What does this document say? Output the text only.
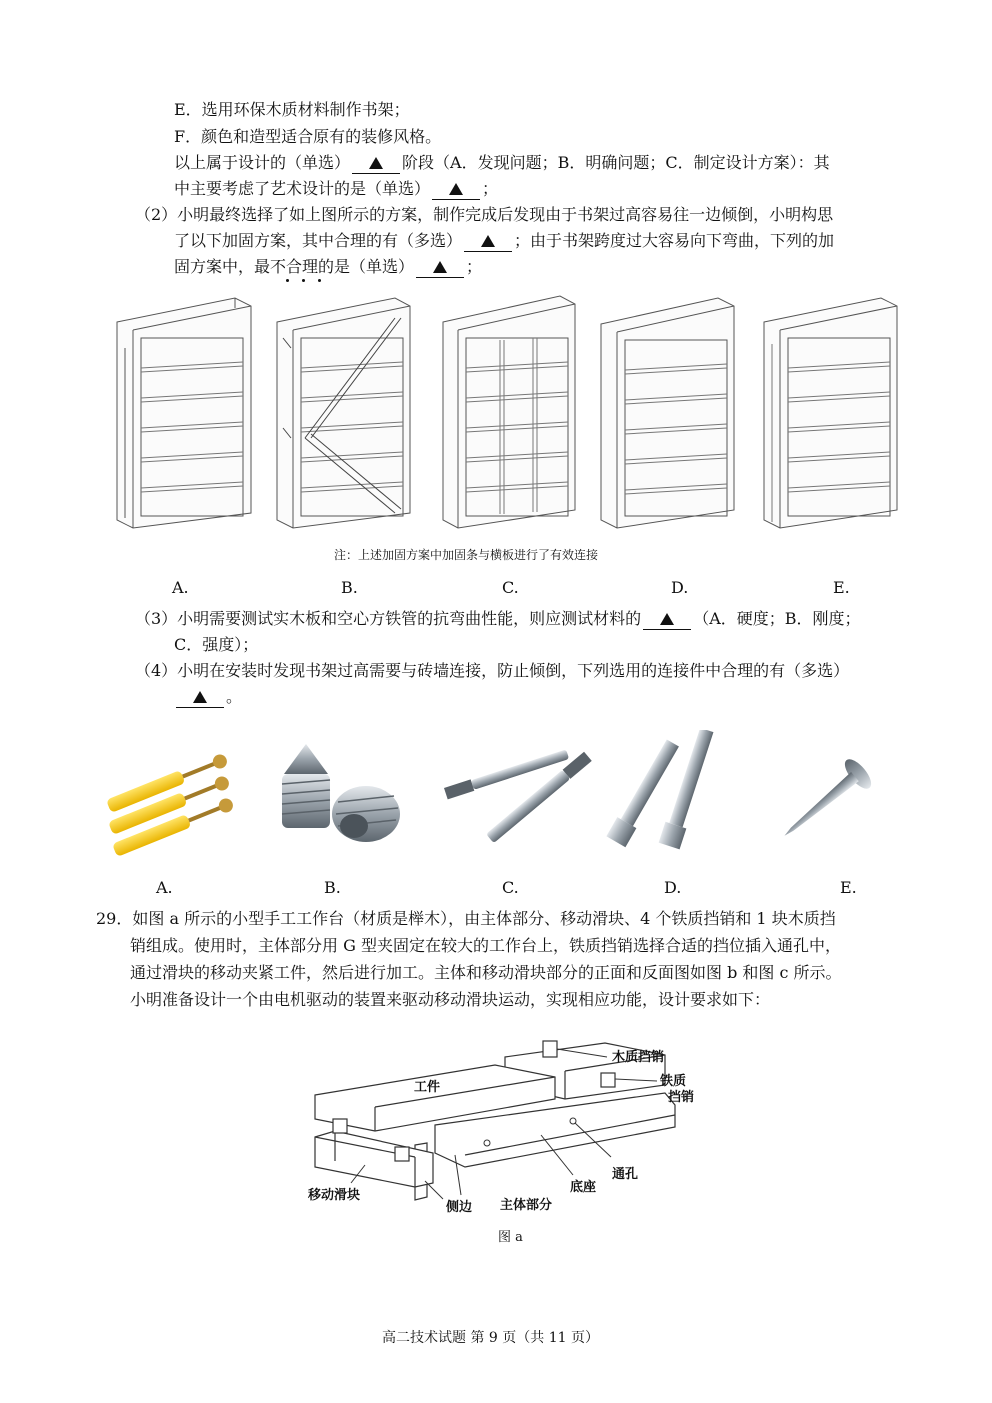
E．选用环保木质材料制作书架；
F．颜色和造型适合原有的装修风格。
以上属于设计的（单选）	阶段（A．发现问题；B．明确问题；C．制定设计方案）：其
中主要考虑了艺术设计的是（单选）	；
（2）小明最终选择了如上图所示的方案，制作完成后发现由于书架过高容易往一边倾倒，小明构思
了以下加固方案，其中合理的有（多选）	；由于书架跨度过大容易向下弯曲，下列的加
固方案中，最不合理的是（单选）	；
注：上述加固方案中加固条与横板进行了有效连接
A.	B.	C.	D.	E.
（3）小明需要测试实木板和空心方铁管的抗弯曲性能，则应测试材料的	（A．硬度；B．刚度；
C．强度）；
（4）小明在安装时发现书架过高需要与砖墙连接，防止倾倒，下列选用的连接件中合理的有（多选）
。
A.	B.	C.	D.	E.
29．如图 a 所示的小型手工工作台（材质是榉木），由主体部分、移动滑块、4 个铁质挡销和 1 块木质挡
销组成。使用时，主体部分用 G 型夹固定在较大的工作台上，铁质挡销选择合适的挡位插入通孔中，
通过滑块的移动夹紧工件，然后进行加工。主体和移动滑块部分的正面和反面图如图 b 和图 c 所示。
小明准备设计一个由电机驱动的装置来驱动移动滑块运动，实现相应功能，设计要求如下：
工件
木质挡销
铁质
挡销
通孔
底座
移动滑块
侧边 主体部分
图 a
高二技术试题 第 9 页（共 11 页）
